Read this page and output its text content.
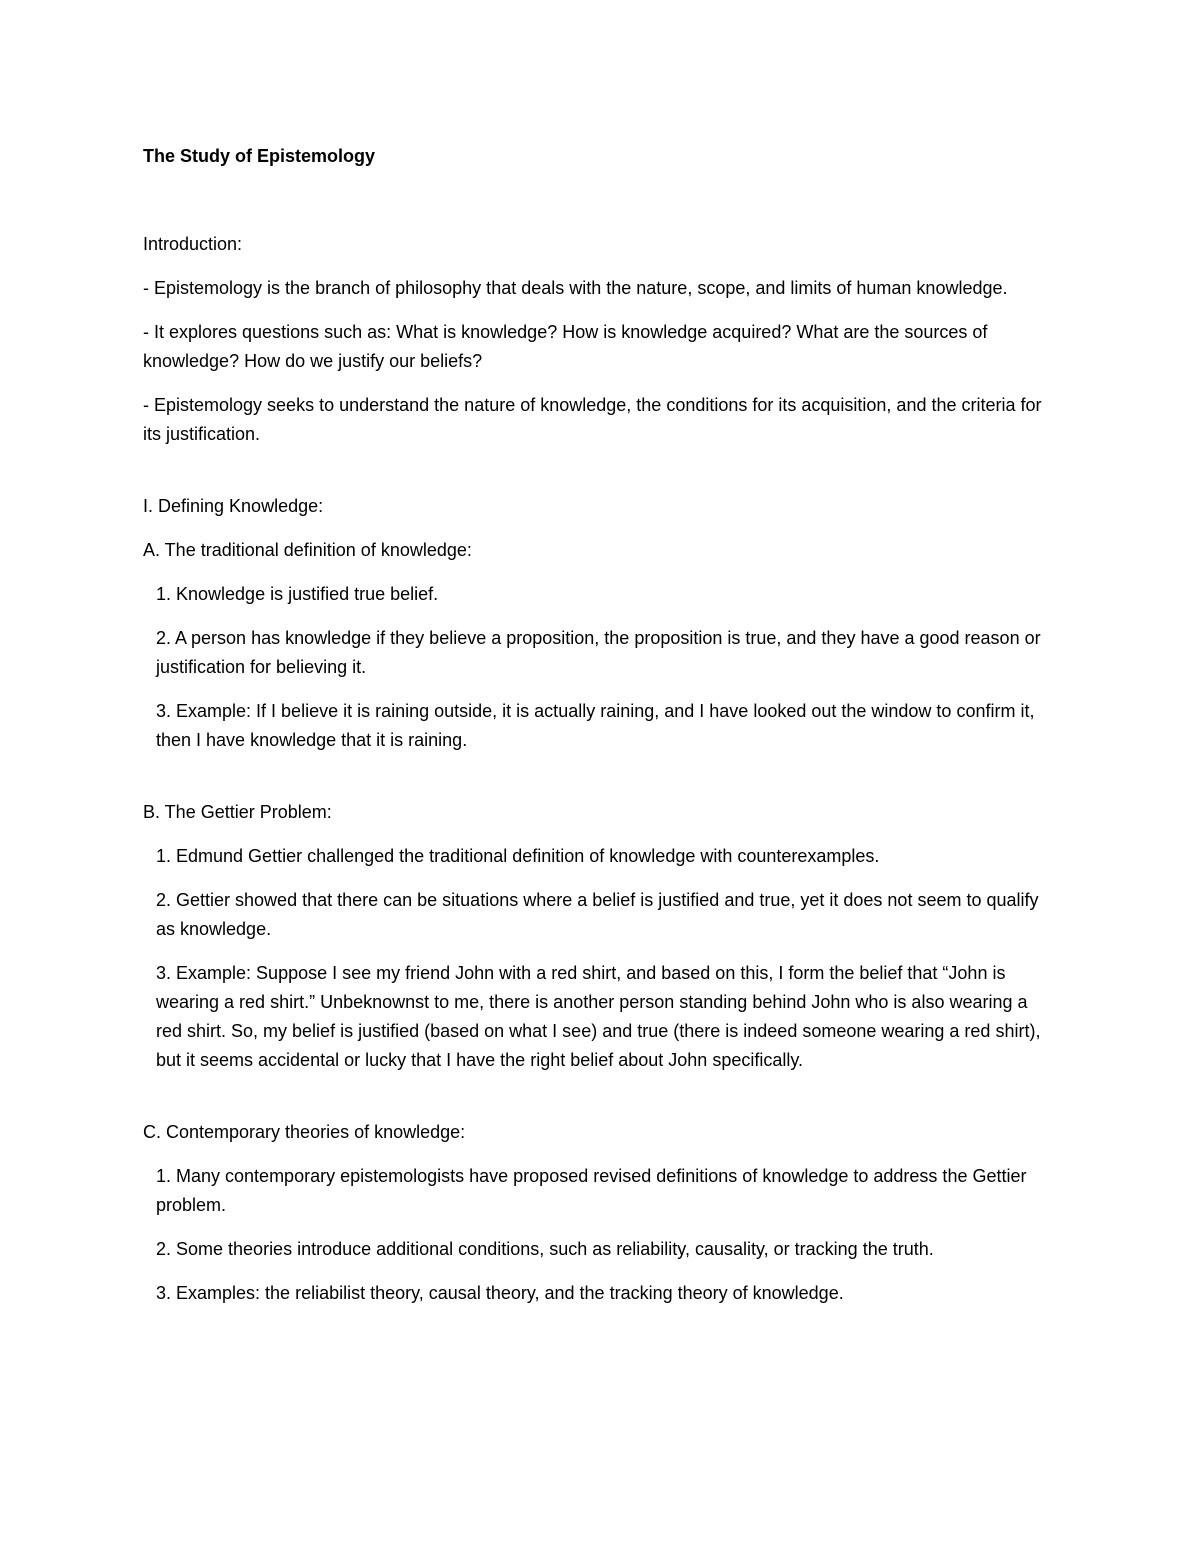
The Study of Epistemology
Introduction:
- Epistemology is the branch of philosophy that deals with the nature, scope, and limits of human knowledge.
- It explores questions such as: What is knowledge? How is knowledge acquired? What are the sources of knowledge? How do we justify our beliefs?
- Epistemology seeks to understand the nature of knowledge, the conditions for its acquisition, and the criteria for its justification.
I. Defining Knowledge:
A. The traditional definition of knowledge:
1. Knowledge is justified true belief.
2. A person has knowledge if they believe a proposition, the proposition is true, and they have a good reason or justification for believing it.
3. Example: If I believe it is raining outside, it is actually raining, and I have looked out the window to confirm it, then I have knowledge that it is raining.
B. The Gettier Problem:
1. Edmund Gettier challenged the traditional definition of knowledge with counterexamples.
2. Gettier showed that there can be situations where a belief is justified and true, yet it does not seem to qualify as knowledge.
3. Example: Suppose I see my friend John with a red shirt, and based on this, I form the belief that “John is wearing a red shirt.” Unbeknownst to me, there is another person standing behind John who is also wearing a red shirt. So, my belief is justified (based on what I see) and true (there is indeed someone wearing a red shirt), but it seems accidental or lucky that I have the right belief about John specifically.
C. Contemporary theories of knowledge:
1. Many contemporary epistemologists have proposed revised definitions of knowledge to address the Gettier problem.
2. Some theories introduce additional conditions, such as reliability, causality, or tracking the truth.
3. Examples: the reliabilist theory, causal theory, and the tracking theory of knowledge.
